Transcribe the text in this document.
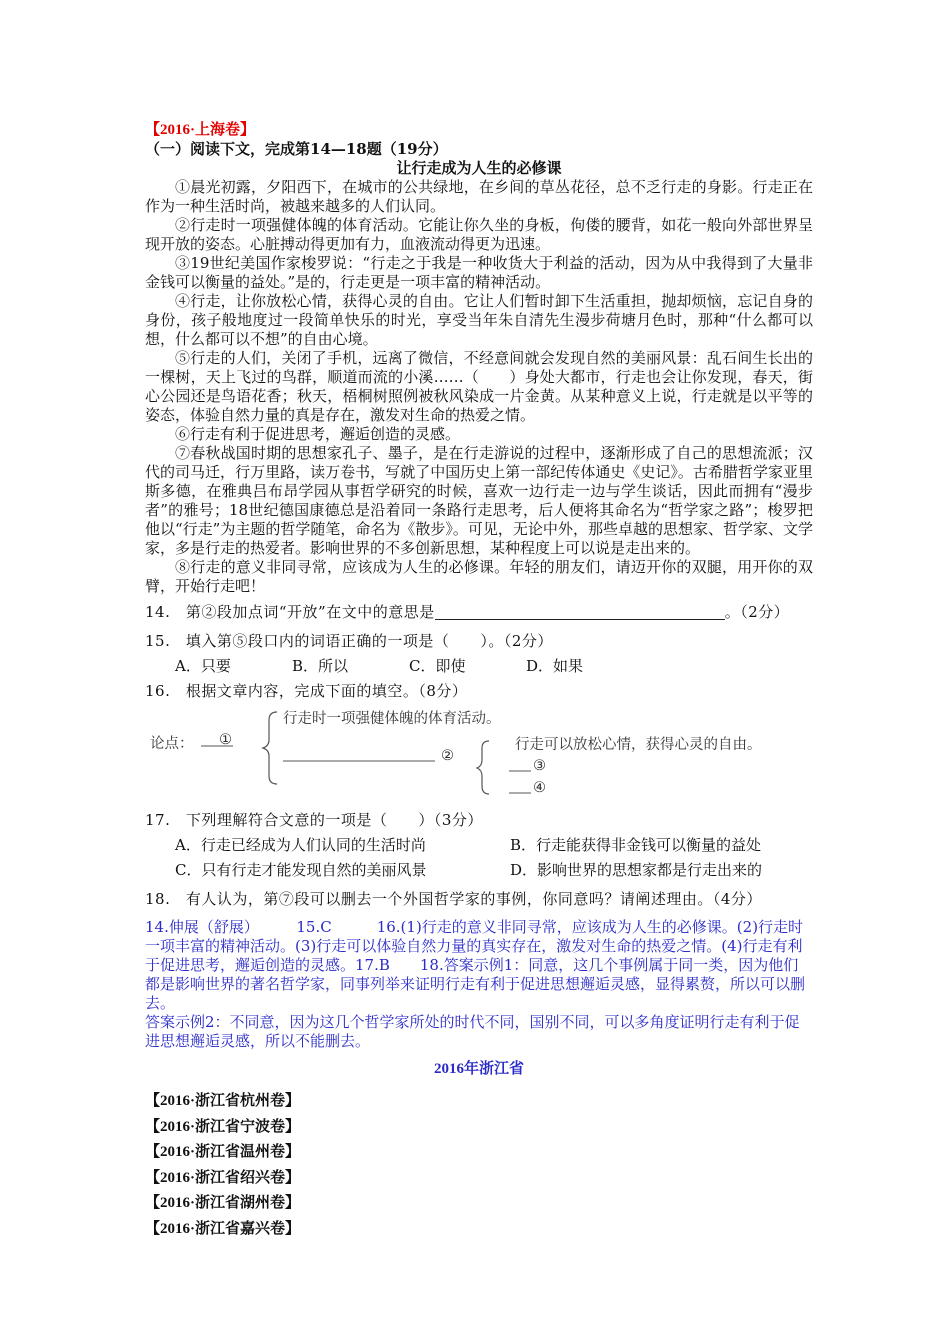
【2016·上海卷】
（一）阅读下文，完成第14—18题（19分）
让行走成为人生的必修课

①晨光初露，夕阳西下，在城市的公共绿地，在乡间的草丛花径，总不乏行走的身影。行走正在作为一种生活时尚，被越来越多的人们认同。

②行走时一项强健体魄的体育活动。它能让你久坐的身板，佝偻的腰背，如花一般向外部世界呈现开放的姿态。心脏搏动得更加有力，血液流动得更为迅速。

③19世纪美国作家梭罗说：“行走之于我是一种收货大于利益的活动，因为从中我得到了大量非金钱可以衡量的益处。”是的，行走更是一项丰富的精神活动。

④行走，让你放松心情，获得心灵的自由。它让人们暂时卸下生活重担，抛却烦恼，忘记自身的身份，孩子般地度过一段简单快乐的时光，享受当年朱自清先生漫步荷塘月色时，那种“什么都可以想，什么都可以不想”的自由心境。

⑤行走的人们，关闭了手机，远离了微信，不经意间就会发现自然的美丽风景：乱石间生长出的一棵树，天上飞过的鸟群，顺道而流的小溪……（　　）身处大都市，行走也会让你发现，春天，街心公园还是鸟语花香；秋天，梧桐树照例被秋风染成一片金黄。从某种意义上说，行走就是以平等的姿态，体验自然力量的真是存在，激发对生命的热爱之情。

⑥行走有利于促进思考，邂逅创造的灵感。

⑦春秋战国时期的思想家孔子、墨子，是在行走游说的过程中，逐渐形成了自己的思想流派；汉代的司马迁，行万里路，读万卷书，写就了中国历史上第一部纪传体通史《史记》。古希腊哲学家亚里斯多德，在雅典吕布昂学园从事哲学研究的时候，喜欢一边行走一边与学生谈话，因此而拥有“漫步者”的雅号；18世纪德国康德总是沿着同一条路行走思考，后人便将其命名为“哲学家之路”；梭罗把他以“行走”为主题的哲学随笔，命名为《散步》。可见，无论中外，那些卓越的思想家、哲学家、文学家，多是行走的热爱者。影响世界的不多创新思想，某种程度上可以说是走出来的。

⑧行走的意义非同寻常，应该成为人生的必修课。年轻的朋友们，请迈开你的双腿，用开你的双臂，开始行走吧！

14.　第②段加点词“开放”在文中的意思是	。（2分）

15.　填入第⑤段口内的词语正确的一项是（　　）。（2分）

A．只要	B．所以	C．即使	D．如果

16.　根据文章内容，完成下面的填空。（8分）

论点： ①
行走时一项强健体魄的体育活动。
②
行走可以放松心情，获得心灵的自由。
③
④

17.　下列理解符合文意的一项是（　　）（3分）

A．行走已经成为人们认同的生活时尚	B．行走能获得非金钱可以衡量的益处
C．只有行走才能发现自然的美丽风景	D．影响世界的思想家都是行走出来的

18.　有人认为，第⑦段可以删去一个外国哲学家的事例，你同意吗？请阐述理由。（4分）

14.伸展（舒展）　　　15.C　　　16.(1)行走的意义非同寻常，应该成为人生的必修课。(2)行走时一项丰富的精神活动。(3)行走可以体验自然力量的真实存在，激发对生命的热爱之情。(4)行走有利于促进思考，邂逅创造的灵感。17.B　　18.答案示例1：同意，这几个事例属于同一类，因为他们都是影响世界的著名哲学家，同事列举来证明行走有利于促进思想邂逅灵感，显得累赘，所以可以删去。
答案示例2：不同意，因为这几个哲学家所处的时代不同，国别不同，可以多角度证明行走有利于促进思想邂逅灵感，所以不能删去。
2016年浙江省
【2016·浙江省杭州卷】
【2016·浙江省宁波卷】
【2016·浙江省温州卷】
【2016·浙江省绍兴卷】
【2016·浙江省湖州卷】
【2016·浙江省嘉兴卷】
